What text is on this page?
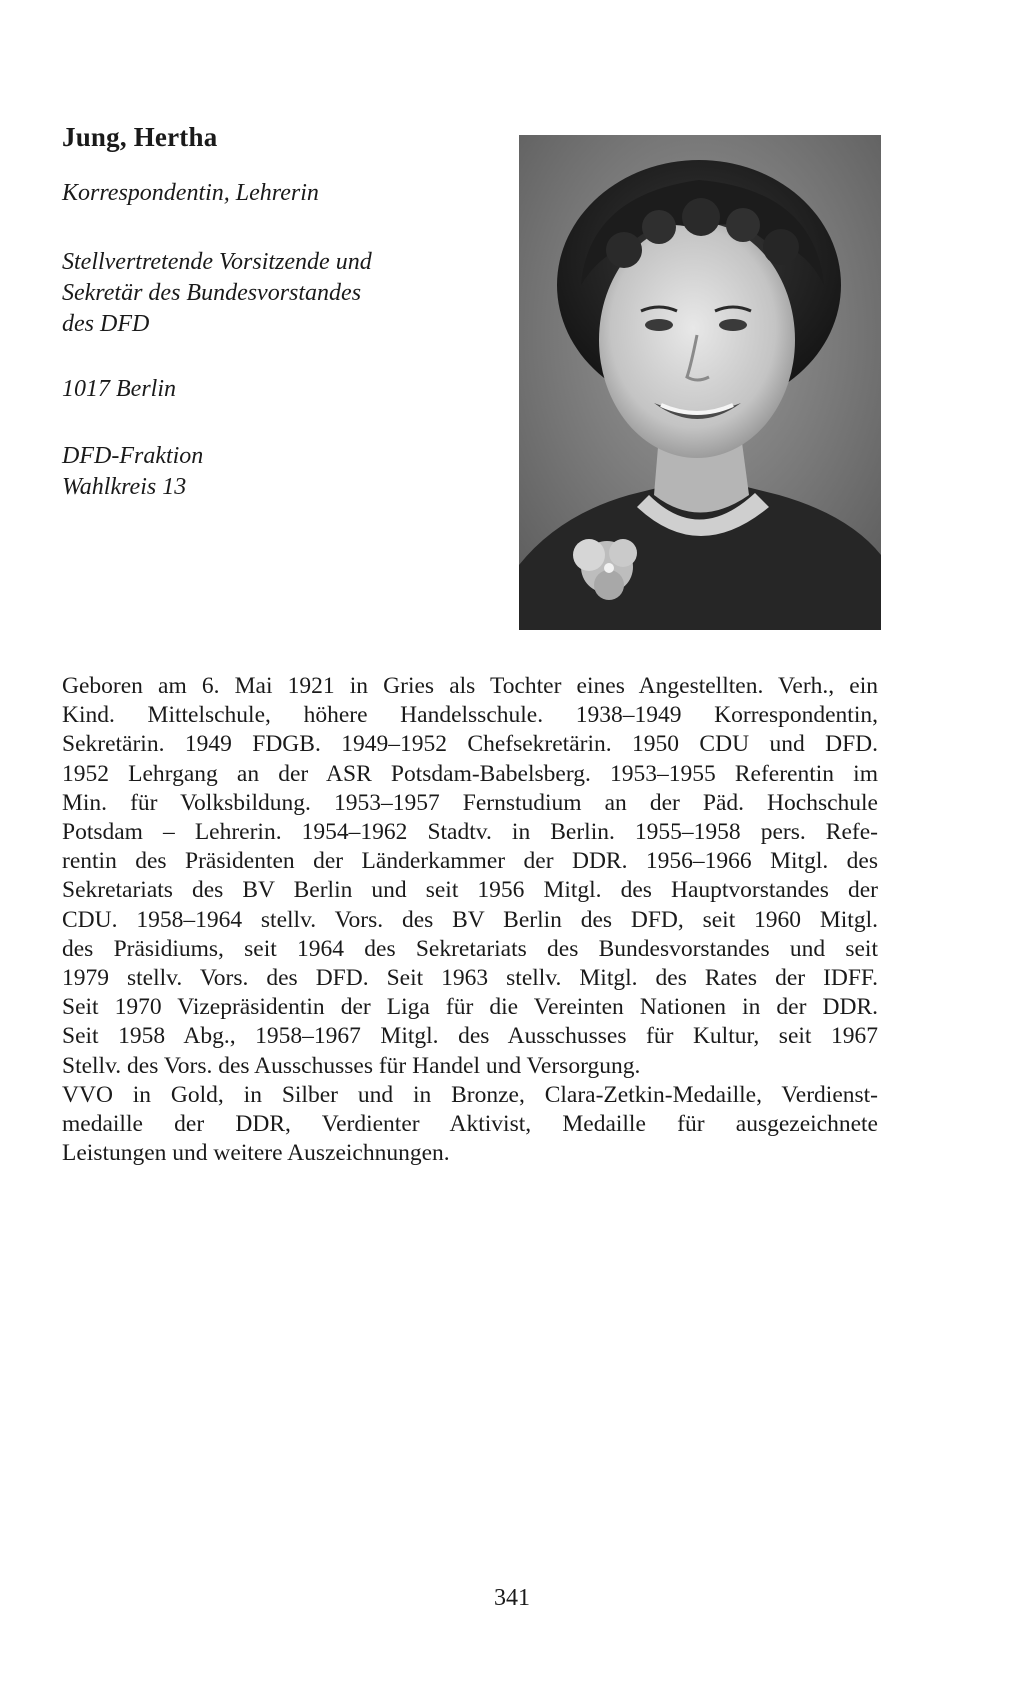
Jung, Hertha
Korrespondentin, Lehrerin
Stellvertretende Vorsitzende und
Sekretär des Bundesvorstandes
des DFD
1017 Berlin
DFD-Fraktion
Wahlkreis 13
Geboren am 6. Mai 1921 in Gries als Tochter eines Angestellten. Verh., ein
Kind. Mittelschule, höhere Handelsschule. 1938–1949 Korrespondentin,
Sekretärin. 1949 FDGB. 1949–1952 Chefsekretärin. 1950 CDU und DFD.
1952 Lehrgang an der ASR Potsdam-Babelsberg. 1953–1955 Referentin im
Min. für Volksbildung. 1953–1957 Fernstudium an der Päd. Hochschule
Potsdam – Lehrerin. 1954–1962 Stadtv. in Berlin. 1955–1958 pers. Refe-
rentin des Präsidenten der Länderkammer der DDR. 1956–1966 Mitgl. des
Sekretariats des BV Berlin und seit 1956 Mitgl. des Hauptvorstandes der
CDU. 1958–1964 stellv. Vors. des BV Berlin des DFD, seit 1960 Mitgl.
des Präsidiums, seit 1964 des Sekretariats des Bundesvorstandes und seit
1979 stellv. Vors. des DFD. Seit 1963 stellv. Mitgl. des Rates der IDFF.
Seit 1970 Vizepräsidentin der Liga für die Vereinten Nationen in der DDR.
Seit 1958 Abg., 1958–1967 Mitgl. des Ausschusses für Kultur, seit 1967
Stellv. des Vors. des Ausschusses für Handel und Versorgung.
VVO in Gold, in Silber und in Bronze, Clara-Zetkin-Medaille, Verdienst-
medaille der DDR, Verdienter Aktivist, Medaille für ausgezeichnete
Leistungen und weitere Auszeichnungen.
341
